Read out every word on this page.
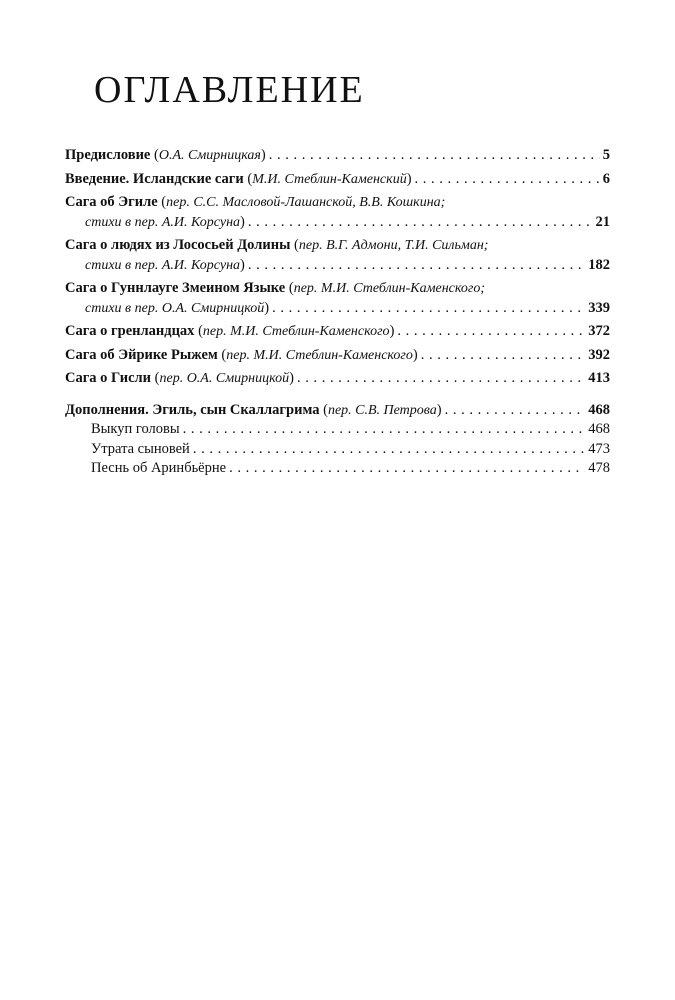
ОГЛАВЛЕНИЕ
Предисловие (О.А. Смирницкая) . . .	5
Введение. Исландские саги (М.И. Стеблин-Каменский) . . .	6
Сага об Эгиле (пер. С.С. Масловой-Лашанской, В.В. Кошкина;
стихи в пер. А.И. Корсуна) . . .	21
Сага о людях из Лососьей Долины (пер. В.Г. Адмони, Т.И. Сильман;
стихи в пер. А.И. Корсуна) . . .	182
Сага о Гуннлауге Змеином Языке (пер. М.И. Стеблин-Каменского;
стихи в пер. О.А. Смирницкой) . . .	339
Сага о гренландцах (пер. М.И. Стеблин-Каменского) . . .	372
Сага об Эйрике Рыжем (пер. М.И. Стеблин-Каменского) . . .	392
Сага о Гисли (пер. О.А. Смирницкой) . . .	413
Дополнения. Эгиль, сын Скаллагрима (пер. С.В. Петрова) . . .	468
Выкуп головы . . .	468
Утрата сыновей . . .	473
Песнь об Аринбьёрне . . .	478
